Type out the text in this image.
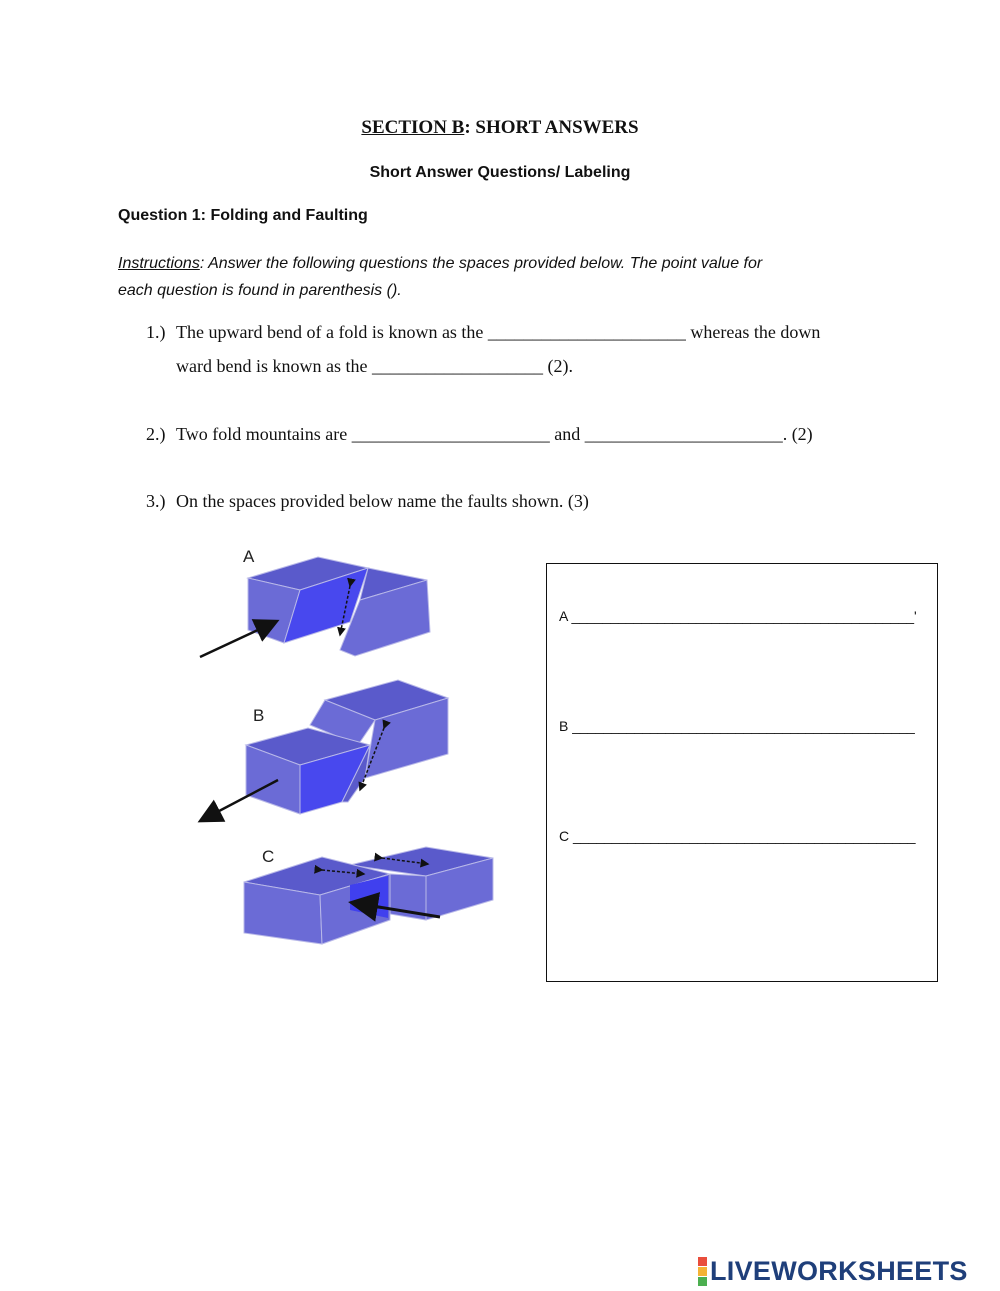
SECTION B: SHORT ANSWERS
Short Answer Questions/ Labeling
Question 1: Folding and Faulting
Instructions: Answer the following questions the spaces provided below. The point value for
each question is found in parenthesis ().
1.) The upward bend of a fold is known as the ______________________ whereas the down
ward bend is known as the ___________________ (2).
2.) Two fold mountains are ______________________ and ______________________. (2)
3.) On the spaces provided below name the faults shown. (3)
A
B
C
A ____________________________________________'
B ____________________________________________
C ____________________________________________
LIVEWORKSHEETS
